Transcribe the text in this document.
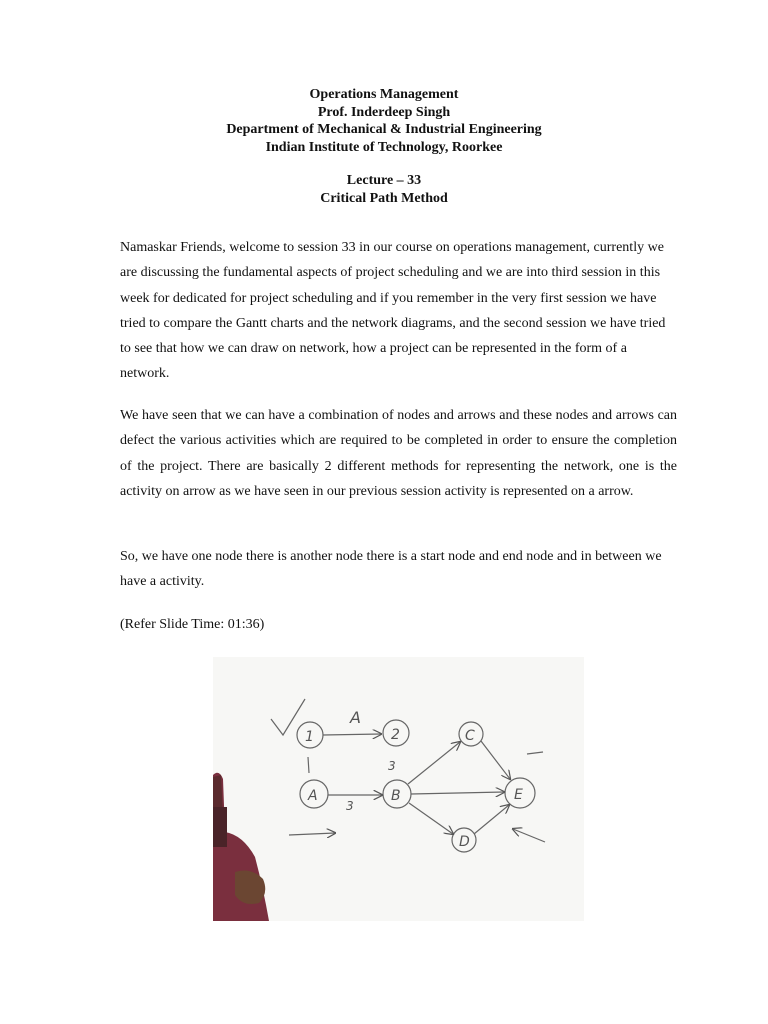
Operations Management
Prof. Inderdeep Singh
Department of Mechanical & Industrial Engineering
Indian Institute of Technology, Roorkee
Lecture – 33
Critical Path Method

Namaskar Friends, welcome to session 33 in our course on operations management, currently we are discussing the fundamental aspects of project scheduling and we are into third session in this week for dedicated for project scheduling and if you remember in the very first session we have tried to compare the Gantt charts and the network diagrams, and the second session we have tried to see that how we can draw on network, how a project can be represented in the form of a network.

We have seen that we can have a combination of nodes and arrows and these nodes and arrows can defect the various activities which are required to be completed in order to ensure the completion of the project. There are basically 2 different methods for representing the network, one is the activity on arrow as we have seen in our previous session activity is represented on a arrow.

So, we have one node there is another node there is a start node and end node and in between we have a activity.

(Refer Slide Time: 01:36)

1	2
A	B
C
D
E
A
3
3
